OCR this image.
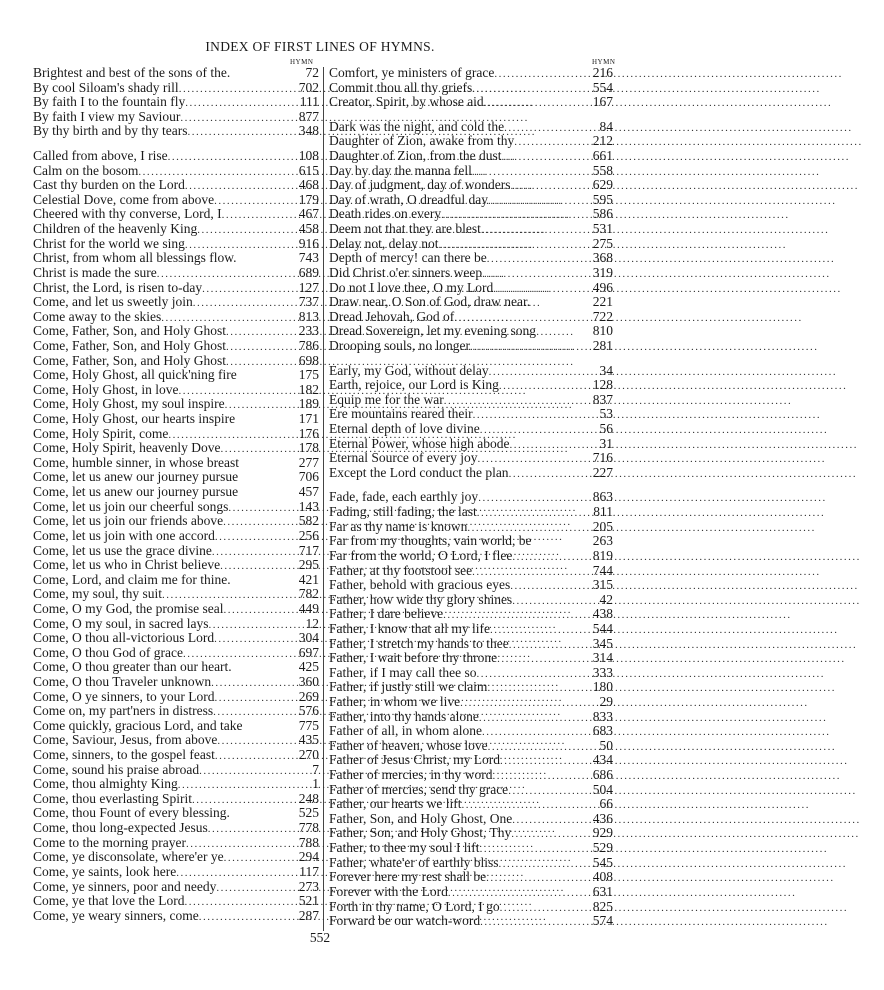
INDEX OF FIRST LINES OF HYMNS.
HYMN	HYMN
Brightest and best of the sons of the.	72
By cool Siloam's shady rill .....	702
By faith I to the fountain fly .....	111
By faith I view my Saviour .....	877
By thy birth and by thy tears .....	348
Called from above, I rise .....	108
Calm on the bosom .....	615
Cast thy burden on the Lord .....	468
Celestial Dove, come from above .....	179
Cheered with thy converse, Lord, I .....	467
Children of the heavenly King .....	458
Christ for the world we sing .....	916
Christ, from whom all blessings flow.	743
Christ is made the sure .....	689
Christ, the Lord, is risen to-day .....	127
Come, and let us sweetly join .....	737
Come away to the skies .....	813
Come, Father, Son, and Holy Ghost .....	233
Come, Father, Son, and Holy Ghost .....	786
Come, Father, Son, and Holy Ghost .....	698
Come, Holy Ghost, all quick'ning fire	175
Come, Holy Ghost, in love .....	182
Come, Holy Ghost, my soul inspire .....	189
Come, Holy Ghost, our hearts inspire	171
Come, Holy Spirit, come .....	176
Come, Holy Spirit, heavenly Dove .....	178
Come, humble sinner, in whose breast	277
Come, let us anew our journey pursue	706
Come, let us anew our journey pursue	457
Come, let us join our cheerful songs .....	143
Come, let us join our friends above .....	582
Come, let us join with one accord .....	256
Come, let us use the grace divine .....	717
Come, let us who in Christ believe .....	295
Come, Lord, and claim me for thine.	421
Come, my soul, thy suit .....	782
Come, O my God, the promise seal .....	449
Come, O my soul, in sacred lays .....	12
Come, O thou all-victorious Lord .....	304
Come, O thou God of grace .....	697
Come, O thou greater than our heart.	425
Come, O thou Traveler unknown .....	360
Come, O ye sinners, to your Lord .....	269
Come on, my part'ners in distress .....	576
Come quickly, gracious Lord, and take	775
Come, Saviour, Jesus, from above .....	435
Come, sinners, to the gospel feast .....	270
Come, sound his praise abroad .....	7
Come, thou almighty King .....	1
Come, thou everlasting Spirit .....	248
Come, thou Fount of every blessing.	525
Come, thou long-expected Jesus .....	778
Come to the morning prayer .....	788
Come, ye disconsolate, where'er ye .....	294
Come, ye saints, look here .....	117
Come, ye sinners, poor and needy .....	273
Come, ye that love the Lord .....	521
Come, ye weary sinners, come .....	287
Comfort, ye ministers of grace .....	216
Commit thou all thy griefs .....	554
Creator, Spirit, by whose aid .....	167
Dark was the night, and cold the .....	84
Daughter of Zion, awake from thy .....	212
Daughter of Zion, from the dust .....	661
Day by day the manna fell .....	558
Day of judgment, day of wonders .....	629
Day of wrath, O dreadful day .....	595
Death rides on every .....	586
Deem not that they are blest .....	531
Delay not, delay not .....	275
Depth of mercy! can there be .....	368
Did Christ o'er sinners weep .....	319
Do not I love thee, O my Lord .....	496
Draw near, O Son of God, draw near.	221
Dread Jehovah, God of .....	722
Dread Sovereign, let my evening song	810
Drooping souls, no longer .....	281
Early, my God, without delay .....	34
Earth, rejoice, our Lord is King .....	128
Equip me for the war .....	837
Ere mountains reared their .....	53
Eternal depth of love divine .....	56
Eternal Power, whose high abode .....	31
Eternal Source of every joy .....	716
Except the Lord conduct the plan .....	227
Fade, fade, each earthly joy .....	863
Fading, still fading, the last .....	811
Far as thy name is known .....	205
Far from my thoughts, vain world, be	263
Far from the world, O Lord, I flee .....	819
Father, at thy footstool see .....	744
Father, behold with gracious eyes .....	315
Father, how wide thy glory shines .....	42
Father, I dare believe .....	438
Father, I know that all my life .....	544
Father, I stretch my hands to thee .....	345
Father, I wait before thy throne .....	314
Father, if I may call thee so .....	333
Father, if justly still we claim .....	180
Father, in whom we live .....	29
Father, into thy hands alone .....	833
Father of all, in whom alone .....	683
Father of heaven, whose love .....	50
Father of Jesus Christ, my Lord .....	434
Father of mercies, in thy word .....	686
Father of mercies, send thy grace .....	504
Father, our hearts we lift .....	66
Father, Son, and Holy Ghost, One .....	436
Father, Son, and Holy Ghost, Thy .....	929
Father, to thee my soul I lift .....	529
Father, whate'er of earthly bliss .....	545
Forever here my rest shall be .....	408
Forever with the Lord .....	631
Forth in thy name, O Lord, I go .....	825
Forward be our watch-word .....	574
552
